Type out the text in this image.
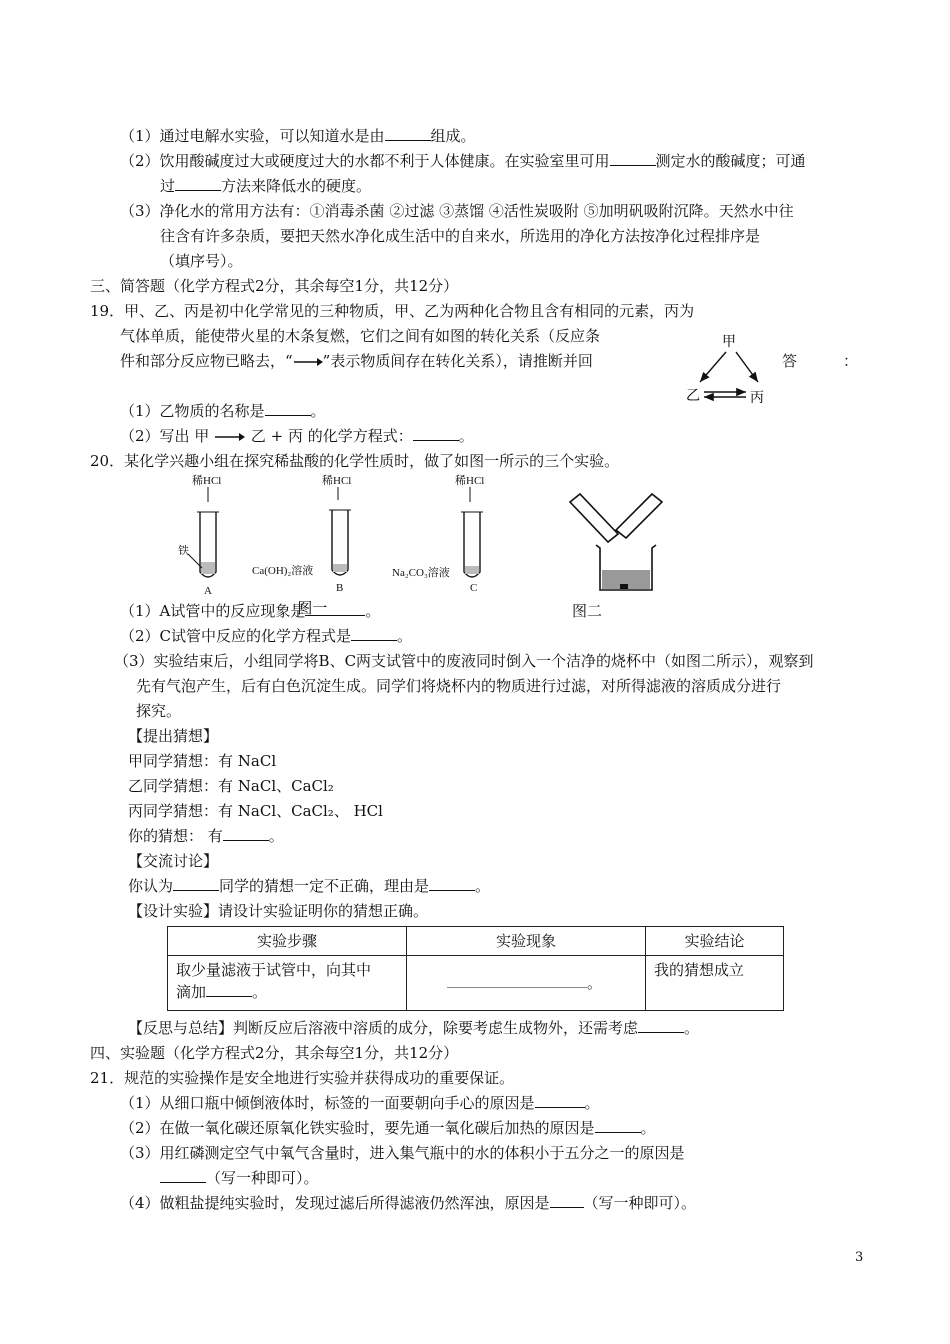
（1）通过电解水实验，可以知道水是由	组成。
（2）饮用酸碱度过大或硬度过大的水都不利于人体健康。在实验室里可用	测定水的酸碱度；可通
过	方法来降低水的硬度。
（3）净化水的常用方法有：①消毒杀菌 ②过滤 ③蒸馏 ④活性炭吸附 ⑤加明矾吸附沉降。天然水中往
往含有许多杂质，要把天然水净化成生活中的自来水，所选用的净化方法按净化过程排序是
（填序号）。
三、简答题（化学方程式2分，其余每空1分，共12分）
19．甲、乙、丙是初中化学常见的三种物质，甲、乙为两种化合物且含有相同的元素，丙为
气体单质，能使带火星的木条复燃，它们之间有如图的转化关系（反应条
件和部分反应物已略去，“ ”表示物质间存在转化关系），请推断并回	答	：
甲
乙	丙
（1）乙物质的名称是	。
（2）写出 甲	乙 + 丙 的化学方程式：	。
20．某化学兴趣小组在探究稀盐酸的化学性质时，做了如图一所示的三个实验。
稀HCl
铁
A
稀HCl
Ca(OH)₂溶液
B
稀HCl
Na₂CO₃溶液
C
图二
（1）A试管中的反应现象是
图一	。
（2）C试管中反应的化学方程式是	。
（3）实验结束后，小组同学将B、C两支试管中的废液同时倒入一个洁净的烧杯中（如图二所示），观察到
先有气泡产生，后有白色沉淀生成。同学们将烧杯内的物质进行过滤，对所得滤液的溶质成分进行
探究。
【提出猜想】
甲同学猜想：有 NaCl
乙同学猜想：有 NaCl、CaCl₂
丙同学猜想：有 NaCl、CaCl₂、 HCl
你的猜想： 有	。
【交流讨论】
你认为	同学的猜想一定不正确，理由是	。
【设计实验】请设计实验证明你的猜想正确。
实验步骤	实验现象	实验结论
取少量滤液于试管中，向其中
滴加 。	。	我的猜想成立
【反思与总结】判断反应后溶液中溶质的成分，除要考虑生成物外，还需考虑	。
四、实验题（化学方程式2分，其余每空1分，共12分）
21．规范的实验操作是安全地进行实验并获得成功的重要保证。
（1）从细口瓶中倾倒液体时，标签的一面要朝向手心的原因是	。
（2）在做一氧化碳还原氧化铁实验时，要先通一氧化碳后加热的原因是	。
（3）用红磷测定空气中氧气含量时，进入集气瓶中的水的体积小于五分之一的原因是
（写一种即可）。
（4）做粗盐提纯实验时，发现过滤后所得滤液仍然浑浊，原因是 （写一种即可）。
3
